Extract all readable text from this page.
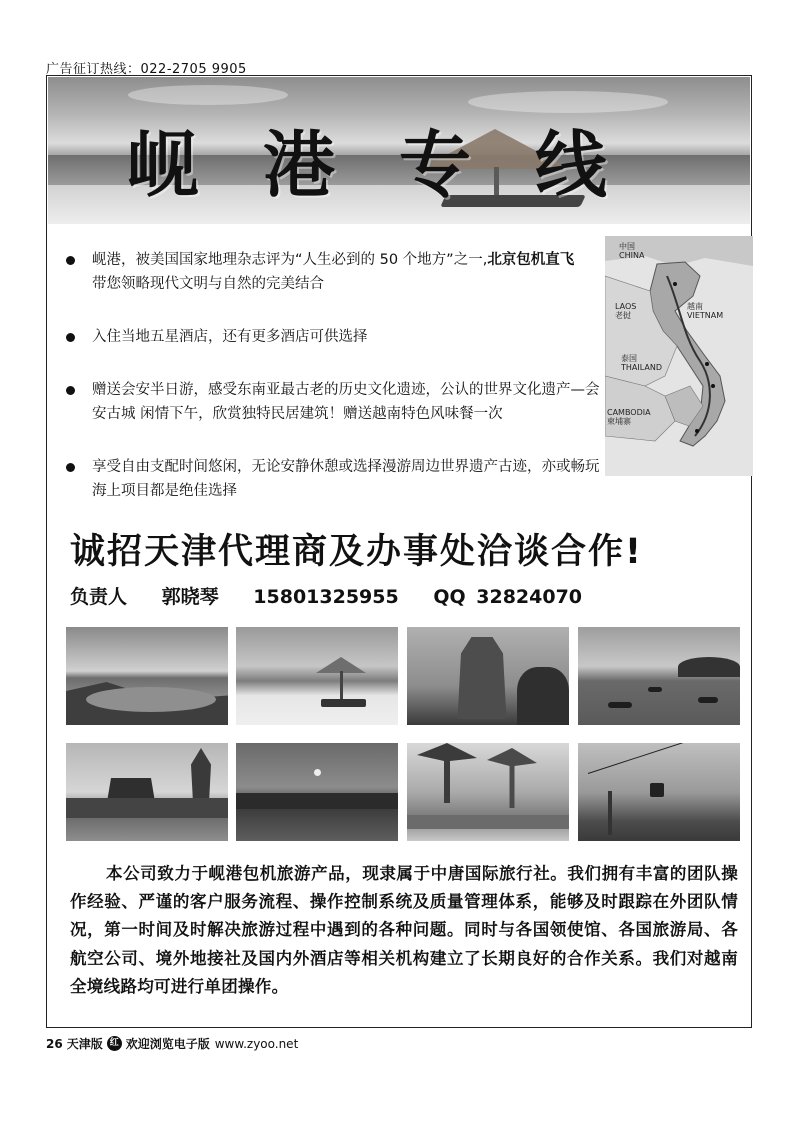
广告征订热线：022-2705 9905
岘港专线
岘港，被美国国家地理杂志评为“人生必到的 50 个地方”之一,北京包机直飞
带您领略现代文明与自然的完美结合
入住当地五星酒店，还有更多酒店可供选择
赠送会安半日游，感受东南亚最古老的历史文化遗迹，公认的世界文化遗产—会安古城 闲情下午，欣赏独特民居建筑！赠送越南特色风味餐一次
享受自由支配时间悠闲，无论安静休憩或选择漫游周边世界遗产古迹，亦或畅玩海上项目都是绝佳选择
中国
CHINA
LAOS
老挝
越南
VIETNAM
泰国
THAILAND
CAMBODIA
柬埔寨
诚招天津代理商及办事处洽谈合作!
负责人 郭晓琴 15801325955 QQ 32824070
本公司致力于岘港包机旅游产品，现隶属于中唐国际旅行社。我们拥有丰富的团队操作经验、严谨的客户服务流程、操作控制系统及质量管理体系，能够及时跟踪在外团队情况，第一时间及时解决旅游过程中遇到的各种问题。同时与各国领使馆、各国旅游局、各航空公司、境外地接社及国内外酒店等相关机构建立了长期良好的合作关系。我们对越南全境线路均可进行单团操作。
26 天津版 红 欢迎浏览电子版 www.zyoo.net
